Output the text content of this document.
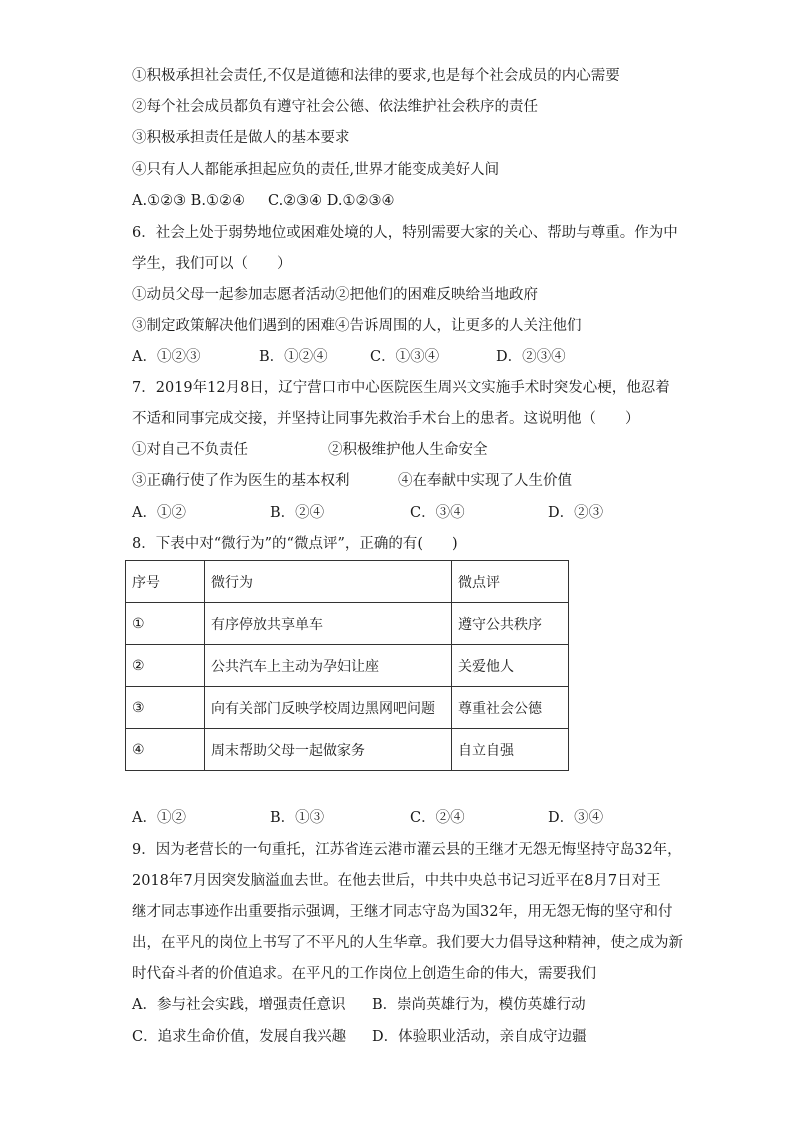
①积极承担社会责任,不仅是道德和法律的要求,也是每个社会成员的内心需要
②每个社会成员都负有遵守社会公德、依法维护社会秩序的责任
③积极承担责任是做人的基本要求
④只有人人都能承担起应负的责任,世界才能变成美好人间
A.①②③ B.①②④     C.②③④ D.①②③④
6．社会上处于弱势地位或困难处境的人，特别需要大家的关心、帮助与尊重。作为中
学生，我们可以（　　）
①动员父母一起参加志愿者活动②把他们的困难反映给当地政府
③制定政策解决他们遇到的困难④告诉周围的人，让更多的人关注他们
A．①②③	B．①②④	C．①③④	D．②③④
7．2019年12月8日，辽宁营口市中心医院医生周兴文实施手术时突发心梗，他忍着
不适和同事完成交接，并坚持让同事先救治手术台上的患者。这说明他（　　）
①对自己不负责任	②积极维护他人生命安全
③正确行使了作为医生的基本权利	④在奉献中实现了人生价值
A．①②	B．②④	C．③④	D．②③
8．下表中对“微行为”的“微点评”，正确的有(　　)
序号	微行为	微点评
①	有序停放共享单车	遵守公共秩序
②	公共汽车上主动为孕妇让座	关爱他人
③	向有关部门反映学校周边黑网吧问题	尊重社会公德
④	周末帮助父母一起做家务	自立自强
A．①②	B．①③	C．②④	D．③④
9．因为老营长的一句重托，江苏省连云港市灌云县的王继才无怨无悔坚持守岛32年，
2018年7月因突发脑溢血去世。在他去世后，中共中央总书记习近平在8月7日对王
继才同志事迹作出重要指示强调，王继才同志守岛为国32年，用无怨无悔的坚守和付
出，在平凡的岗位上书写了不平凡的人生华章。我们要大力倡导这种精神，使之成为新
时代奋斗者的价值追求。在平凡的工作岗位上创造生命的伟大，需要我们
A．参与社会实践，增强责任意识 B．崇尚英雄行为，模仿英雄行动
C．追求生命价值，发展自我兴趣 D．体验职业活动，亲自成守边疆
